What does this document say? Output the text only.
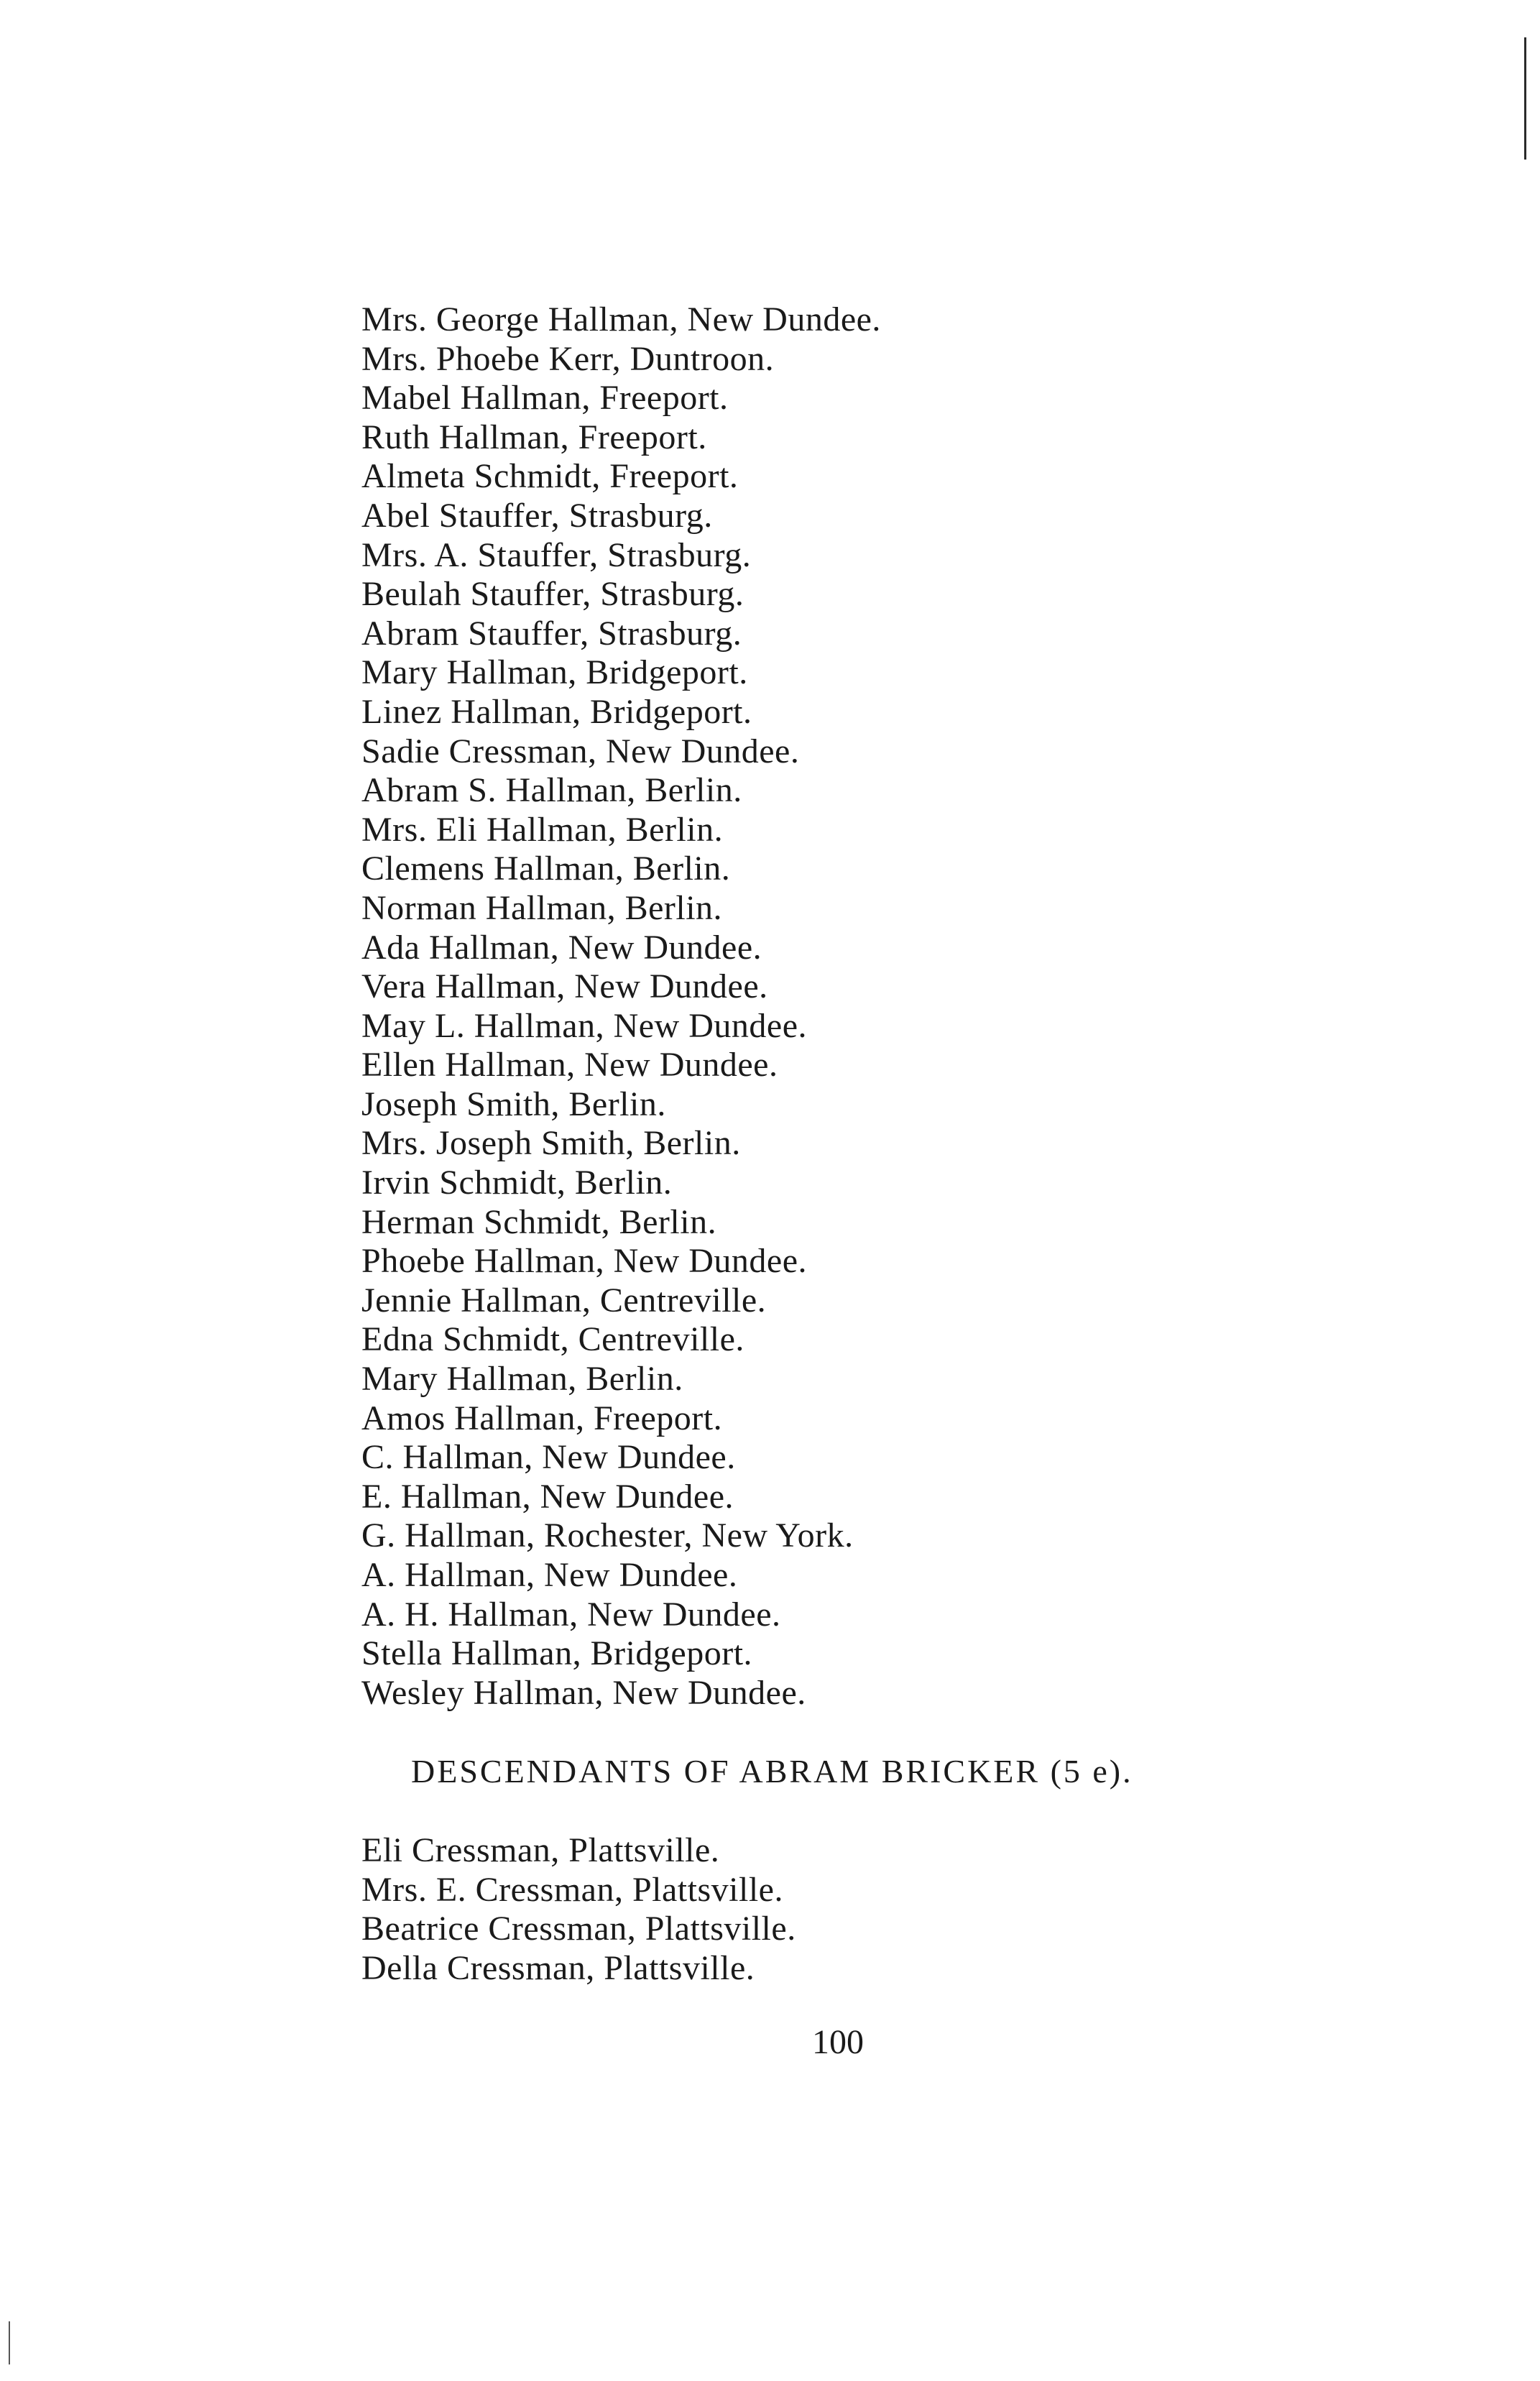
Mrs. George Hallman, New Dundee.
Mrs. Phoebe Kerr, Duntroon.
Mabel Hallman, Freeport.
Ruth Hallman, Freeport.
Almeta Schmidt, Freeport.
Abel Stauffer, Strasburg.
Mrs. A. Stauffer, Strasburg.
Beulah Stauffer, Strasburg.
Abram Stauffer, Strasburg.
Mary Hallman, Bridgeport.
Linez Hallman, Bridgeport.
Sadie Cressman, New Dundee.
Abram S. Hallman, Berlin.
Mrs. Eli Hallman, Berlin.
Clemens Hallman, Berlin.
Norman Hallman, Berlin.
Ada Hallman, New Dundee.
Vera Hallman, New Dundee.
May L. Hallman, New Dundee.
Ellen Hallman, New Dundee.
Joseph Smith, Berlin.
Mrs. Joseph Smith, Berlin.
Irvin Schmidt, Berlin.
Herman Schmidt, Berlin.
Phoebe Hallman, New Dundee.
Jennie Hallman, Centreville.
Edna Schmidt, Centreville.
Mary Hallman, Berlin.
Amos Hallman, Freeport.
C. Hallman, New Dundee.
E. Hallman, New Dundee.
G. Hallman, Rochester, New York.
A. Hallman, New Dundee.
A. H. Hallman, New Dundee.
Stella Hallman, Bridgeport.
Wesley Hallman, New Dundee.
DESCENDANTS OF ABRAM BRICKER (5 e).
Eli Cressman, Plattsville.
Mrs. E. Cressman, Plattsville.
Beatrice Cressman, Plattsville.
Della Cressman, Plattsville.
100
